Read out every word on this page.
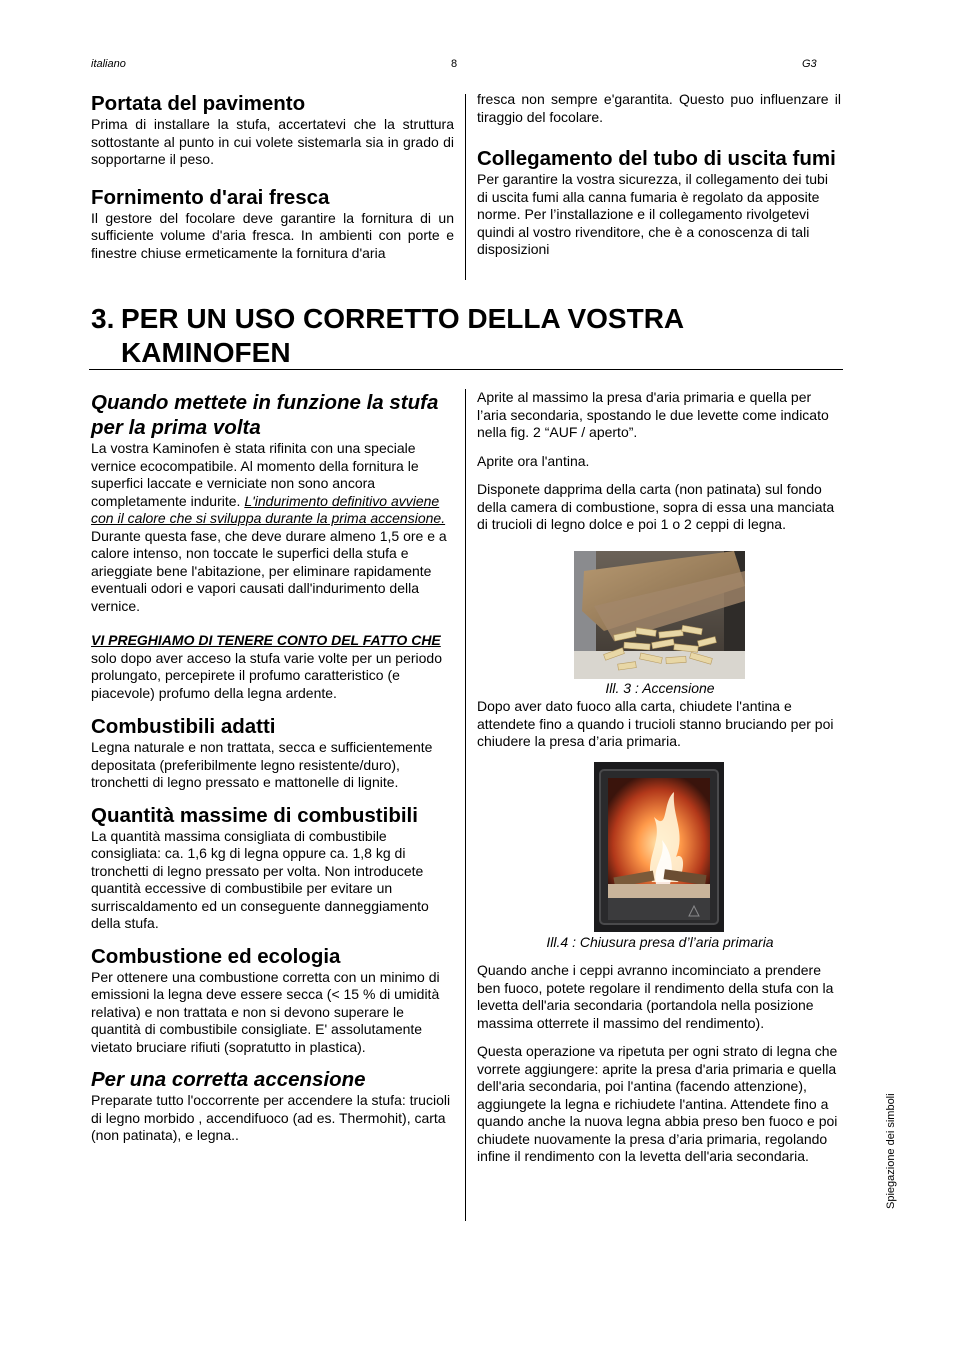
italiano	8	G3
Portata del pavimento

Prima di installare la stufa, accertatevi che la struttura sottostante al punto in cui volete sistemarla sia in grado di sopportarne il peso.

Fornimento d'arai fresca

Il gestore del focolare deve garantire la fornitura di un sufficiente volume d'aria fresca. In ambienti con porte e finestre chiuse ermeticamente la fornitura d'aria

fresca non sempre e'garantita. Questo puo influenzare il tiraggio del focolare.

Collegamento del tubo di uscita fumi

Per garantire la vostra sicurezza, il collegamento dei tubi di uscita fumi alla canna fumaria è regolato da apposite norme. Per l’installazione e il collegamento rivolgetevi quindi al vostro rivenditore, che è a conoscenza di tali disposizioni

3. PER UN USO CORRETTO DELLA VOSTRA KAMINOFEN
Quando mettete in funzione la stufa per la prima volta

La vostra Kaminofen è stata rifinita con una speciale vernice ecocompatibile. Al momento della fornitura le superfici laccate e verniciate non sono ancora completamente indurite. L'indurimento definitivo avviene con il calore che si sviluppa durante la prima accensione. Durante questa fase, che deve durare almeno 1,5 ore e a calore intenso, non toccate le superfici della stufa e arieggiate bene l'abitazione, per eliminare rapidamente eventuali odori e vapori causati dall'indurimento della vernice.

VI PREGHIAMO DI TENERE CONTO DEL FATTO CHE solo dopo aver acceso la stufa varie volte per un periodo prolungato, percepirete il profumo caratteristico (e piacevole) profumo della legna ardente.

Combustibili adatti

Legna naturale e non trattata, secca e sufficientemente depositata (preferibilmente legno resistente/duro), tronchetti di legno pressato e mattonelle di lignite.

Quantità massime di combustibili

La quantità massima consigliata di combustibile consigliata: ca. 1,6 kg di legna oppure ca. 1,8 kg di tronchetti di legno pressato per volta. Non introducete quantità eccessive di combustibile per evitare un surriscaldamento ed un conseguente danneggiamento della stufa.

Combustione ed ecologia

Per ottenere una combustione corretta con un minimo di emissioni la legna deve essere secca (< 15 % di umidità relativa) e non trattata e non si devono superare le quantità di combustibile consigliate. E' assolutamente vietato bruciare rifiuti (sopratutto in plastica).

Per una corretta accensione

Preparate tutto l'occorrente per accendere la stufa: trucioli di legno morbido , accendifuoco (ad es. Thermohit), carta (non patinata), e legna..

Aprite al massimo la presa d'aria primaria e quella per l’aria secondaria, spostando le due levette come indicato nella fig. 2 “AUF / aperto”.

Aprite ora l'antina.

Disponete dapprima della carta (non patinata) sul fondo della camera di combustione, sopra di essa una manciata di trucioli di legno dolce e poi 1 o 2 ceppi di legna.

Ill. 3 : Accensione
Dopo aver dato fuoco alla carta, chiudete l'antina e attendete fino a quando i trucioli stanno bruciando per poi chiudere la presa d’aria primaria.
Ill.4 : Chiusura presa d’l’aria primaria

Quando anche i ceppi avranno incominciato a prendere ben fuoco, potete regolare il rendimento della stufa con la levetta dell'aria secondaria (portandola nella posizione massima otterrete il massimo del rendimento).

Questa operazione va ripetuta per ogni strato di legna che vorrete aggiungere: aprite la presa d'aria primaria e quella dell'aria secondaria, poi l'antina (facendo attenzione), aggiungete la legna e richiudete l'antina. Attendete fino a quando anche la nuova legna abbia preso ben fuoco e poi chiudete nuovamente la presa d’aria primaria, regolando infine il rendimento con la levetta dell'aria secondaria.	Spiegazione dei simboli
